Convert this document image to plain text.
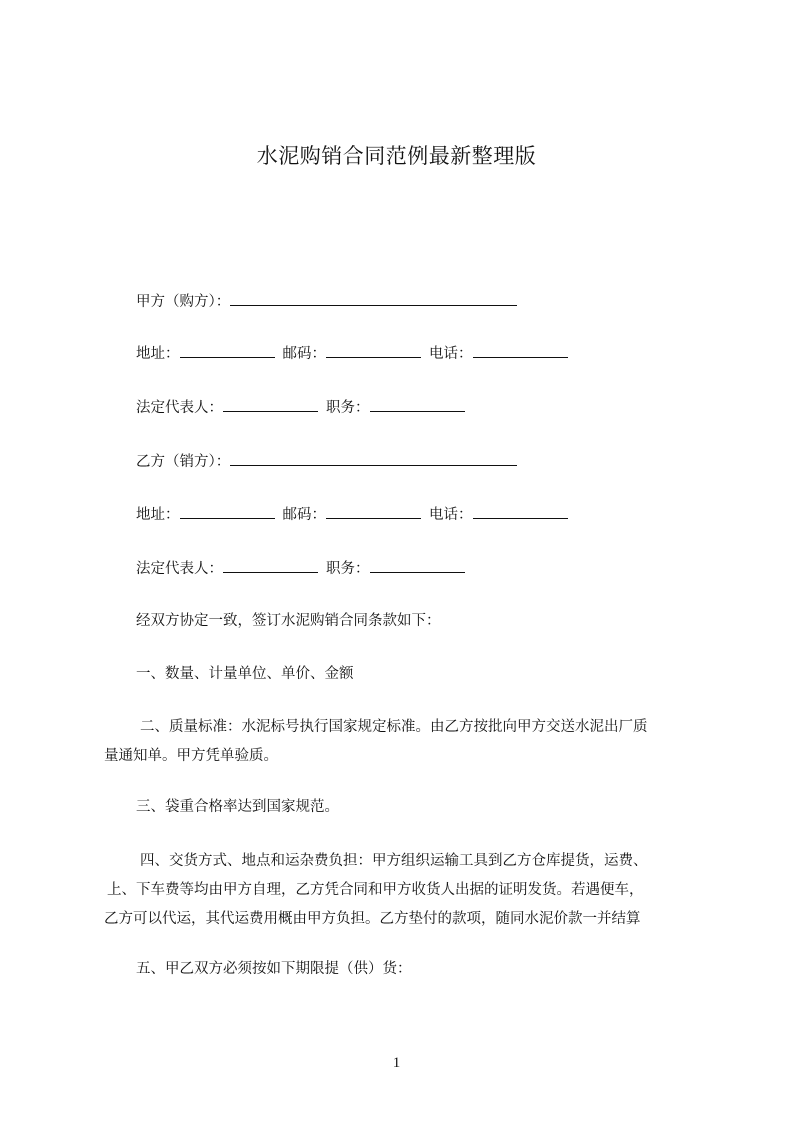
水泥购销合同范例最新整理版
甲方（购方）：
地址：	邮码：	电话：
法定代表人：	职务：
乙方（销方）：
地址：	邮码：	电话：
法定代表人：	职务：
经双方协定一致，签订水泥购销合同条款如下：
一、数量、计量单位、单价、金额
二、质量标准：水泥标号执行国家规定标准。由乙方按批向甲方交送水泥出厂质
量通知单。甲方凭单验质。
三、袋重合格率达到国家规范。
四、交货方式、地点和运杂费负担：甲方组织运输工具到乙方仓库提货，运费、
上、下车费等均由甲方自理，乙方凭合同和甲方收货人出据的证明发货。若遇便车，
乙方可以代运，其代运费用概由甲方负担。乙方垫付的款项，随同水泥价款一并结算
五、甲乙双方必须按如下期限提（供）货：
1
